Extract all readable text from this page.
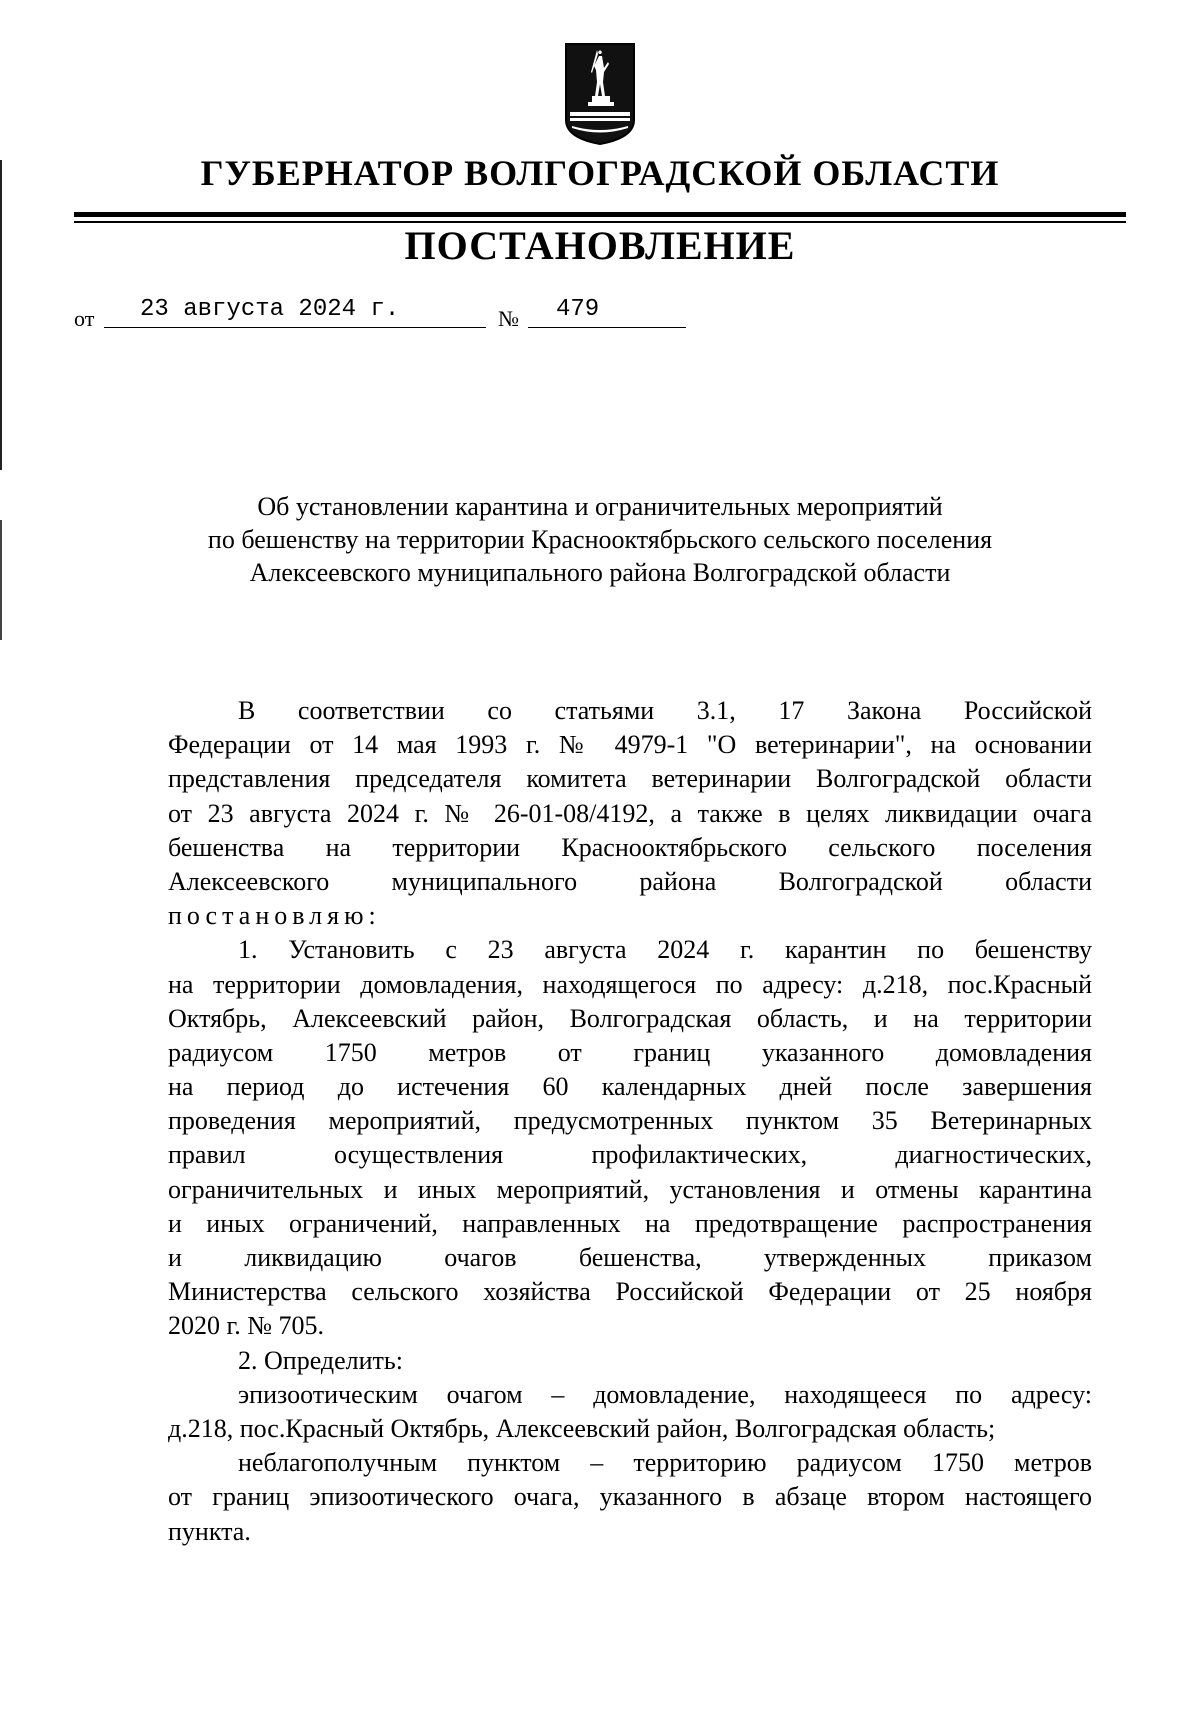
ГУБЕРНАТОР ВОЛГОГРАДСКОЙ ОБЛАСТИ
ПОСТАНОВЛЕНИЕ
от 23 августа 2024 г.	№ 479
Об установлении карантина и ограничительных мероприятий
по бешенству на территории Краснооктябрьского сельского поселения
Алексеевского муниципального района Волгоградской области
В соответствии со статьями 3.1, 17 Закона Российской
Федерации от 14 мая 1993 г. № 4979-1 "О ветеринарии", на основании
представления председателя комитета ветеринарии Волгоградской области
от 23 августа 2024 г. № 26-01-08/4192, а также в целях ликвидации очага
бешенства на территории Краснооктябрьского сельского поселения
Алексеевского муниципального района Волгоградской области
постановляю:
1. Установить с 23 августа 2024 г. карантин по бешенству
на территории домовладения, находящегося по адресу: д.218, пос.Красный
Октябрь, Алексеевский район, Волгоградская область, и на территории
радиусом 1750 метров от границ указанного домовладения
на период до истечения 60 календарных дней после завершения
проведения мероприятий, предусмотренных пунктом 35 Ветеринарных
правил осуществления профилактических, диагностических,
ограничительных и иных мероприятий, установления и отмены карантина
и иных ограничений, направленных на предотвращение распространения
и ликвидацию очагов бешенства, утвержденных приказом
Министерства сельского хозяйства Российской Федерации от 25 ноября
2020 г. № 705.
2. Определить:
эпизоотическим очагом – домовладение, находящееся по адресу:
д.218, пос.Красный Октябрь, Алексеевский район, Волгоградская область;
неблагополучным пунктом – территорию радиусом 1750 метров
от границ эпизоотического очага, указанного в абзаце втором настоящего
пункта.
